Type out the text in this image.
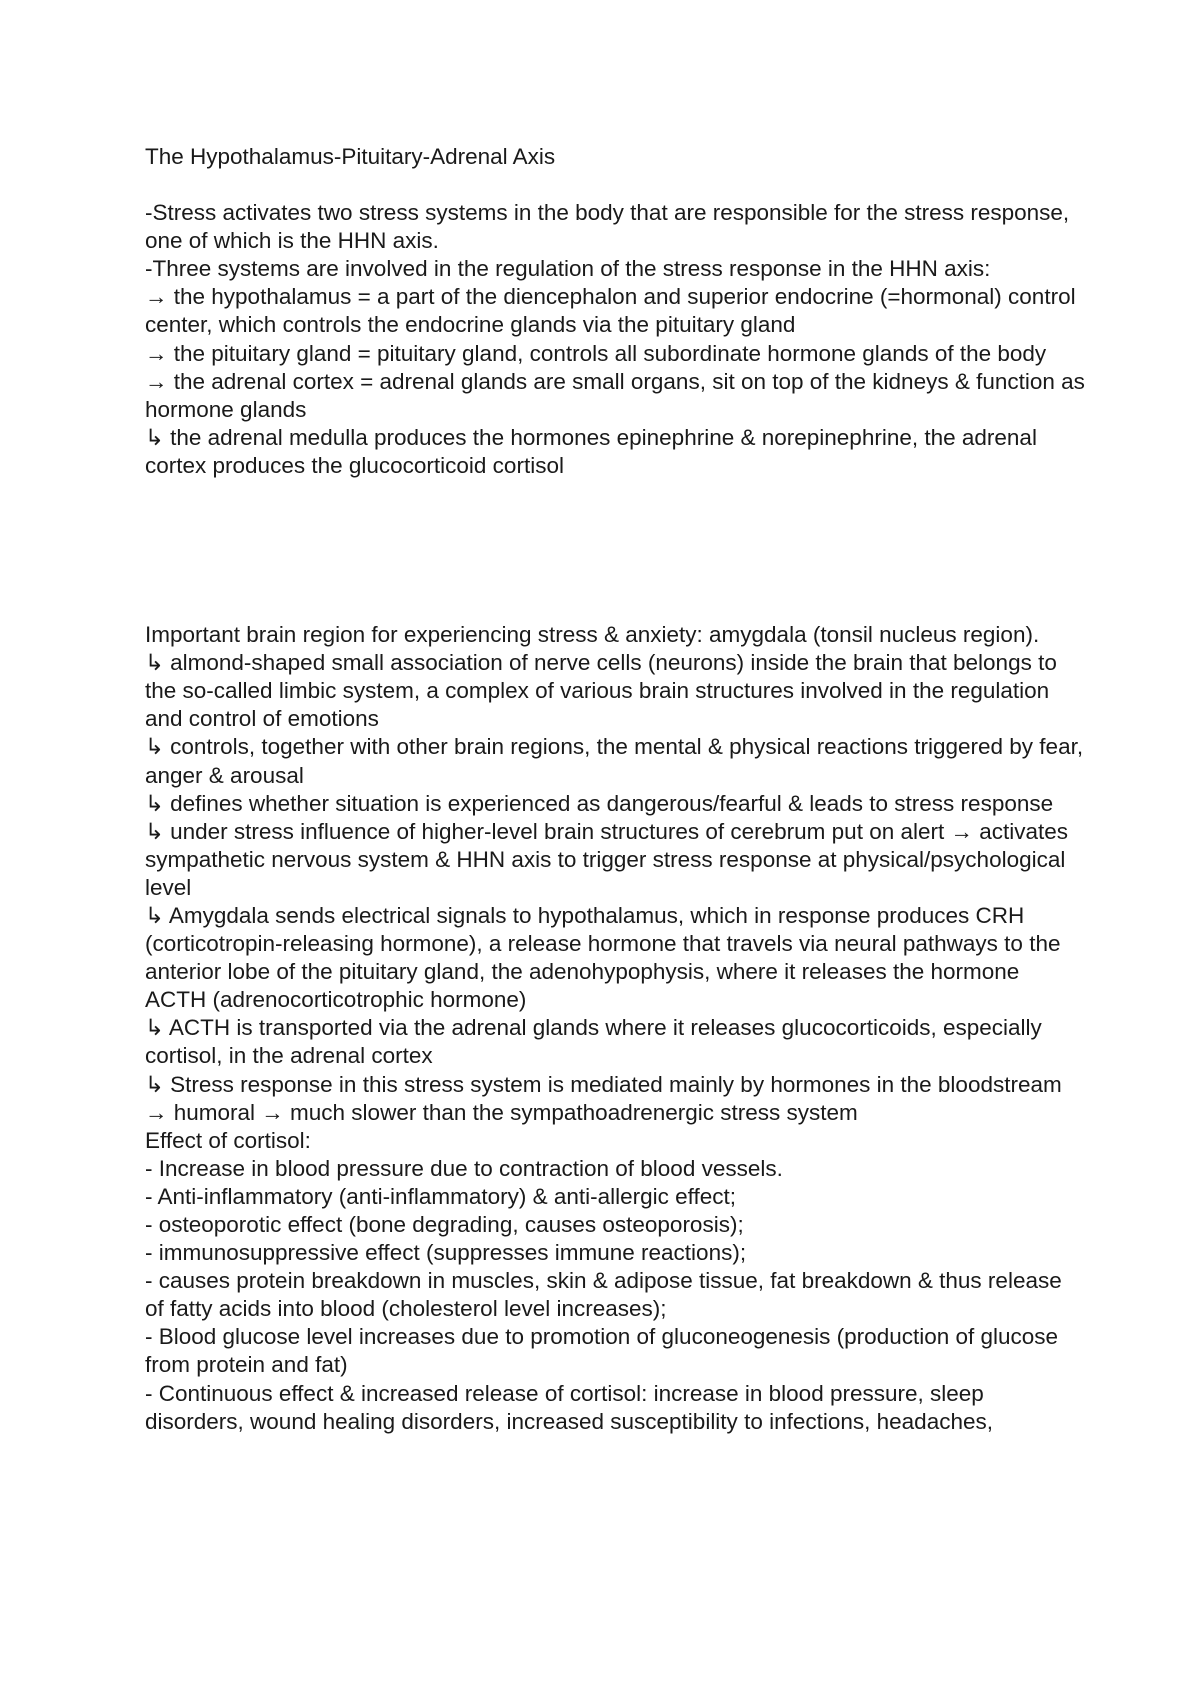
The Hypothalamus-Pituitary-Adrenal Axis

-Stress activates two stress systems in the body that are responsible for the stress response, one of which is the HHN axis.

-Three systems are involved in the regulation of the stress response in the HHN axis:

→ the hypothalamus = a part of the diencephalon and superior endocrine (=hormonal) control center, which controls the endocrine glands via the pituitary gland

→ the pituitary gland = pituitary gland, controls all subordinate hormone glands of the body

→ the adrenal cortex = adrenal glands are small organs, sit on top of the kidneys & function as hormone glands

↳ the adrenal medulla produces the hormones epinephrine & norepinephrine, the adrenal cortex produces the glucocorticoid cortisol

Important brain region for experiencing stress & anxiety: amygdala (tonsil nucleus region).

↳ almond-shaped small association of nerve cells (neurons) inside the brain that belongs to the so-called limbic system, a complex of various brain structures involved in the regulation and control of emotions

↳ controls, together with other brain regions, the mental & physical reactions triggered by fear, anger & arousal

↳ defines whether situation is experienced as dangerous/fearful & leads to stress response

↳ under stress influence of higher-level brain structures of cerebrum put on alert → activates sympathetic nervous system & HHN axis to trigger stress response at physical/psychological level

↳ Amygdala sends electrical signals to hypothalamus, which in response produces CRH (corticotropin-releasing hormone), a release hormone that travels via neural pathways to the anterior lobe of the pituitary gland, the adenohypophysis, where it releases the hormone ACTH (adrenocorticotrophic hormone)

↳ ACTH is transported via the adrenal glands where it releases glucocorticoids, especially cortisol, in the adrenal cortex

↳ Stress response in this stress system is mediated mainly by hormones in the bloodstream → humoral → much slower than the sympathoadrenergic stress system

Effect of cortisol:

- Increase in blood pressure due to contraction of blood vessels.

- Anti-inflammatory (anti-inflammatory) & anti-allergic effect;

- osteoporotic effect (bone degrading, causes osteoporosis);

- immunosuppressive effect (suppresses immune reactions);

- causes protein breakdown in muscles, skin & adipose tissue, fat breakdown & thus release of fatty acids into blood (cholesterol level increases);

- Blood glucose level increases due to promotion of gluconeogenesis (production of glucose from protein and fat)

- Continuous effect & increased release of cortisol: increase in blood pressure, sleep disorders, wound healing disorders, increased susceptibility to infections, headaches,
